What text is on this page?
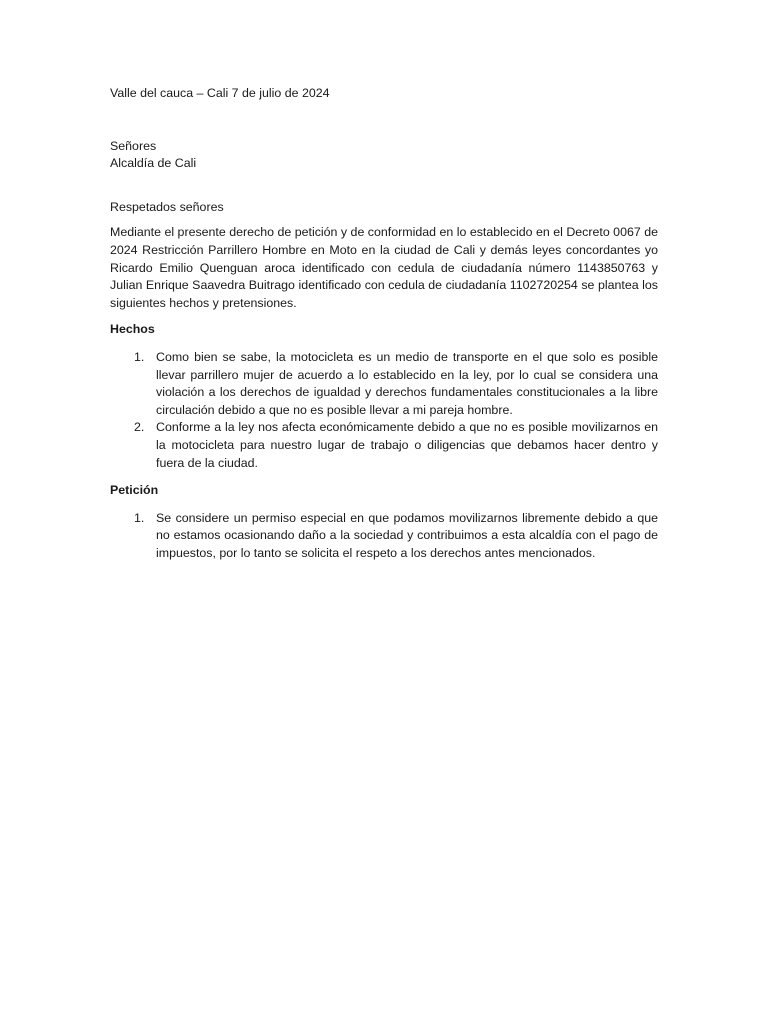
Valle del cauca – Cali 7 de julio de 2024

Señores

Alcaldía de Cali

Respetados señores

Mediante el presente derecho de petición y de conformidad en lo establecido en el Decreto 0067 de 2024 Restricción Parrillero Hombre en Moto en la ciudad de Cali y demás leyes concordantes yo Ricardo Emilio Quenguan aroca identificado con cedula de ciudadanía número 1143850763 y Julian Enrique Saavedra Buitrago identificado con cedula de ciudadanía 1102720254 se plantea los siguientes hechos y pretensiones.

Hechos

1. Como bien se sabe, la motocicleta es un medio de transporte en el que solo es posible llevar parrillero mujer de acuerdo a lo establecido en la ley, por lo cual se considera una violación a los derechos de igualdad y derechos fundamentales constitucionales a la libre circulación debido a que no es posible llevar a mi pareja hombre.
2. Conforme a la ley nos afecta económicamente debido a que no es posible movilizarnos en la motocicleta para nuestro lugar de trabajo o diligencias que debamos hacer dentro y fuera de la ciudad.

Petición

1. Se considere un permiso especial en que podamos movilizarnos libremente debido a que no estamos ocasionando daño a la sociedad y contribuimos a esta alcaldía con el pago de impuestos, por lo tanto se solicita el respeto a los derechos antes mencionados.
